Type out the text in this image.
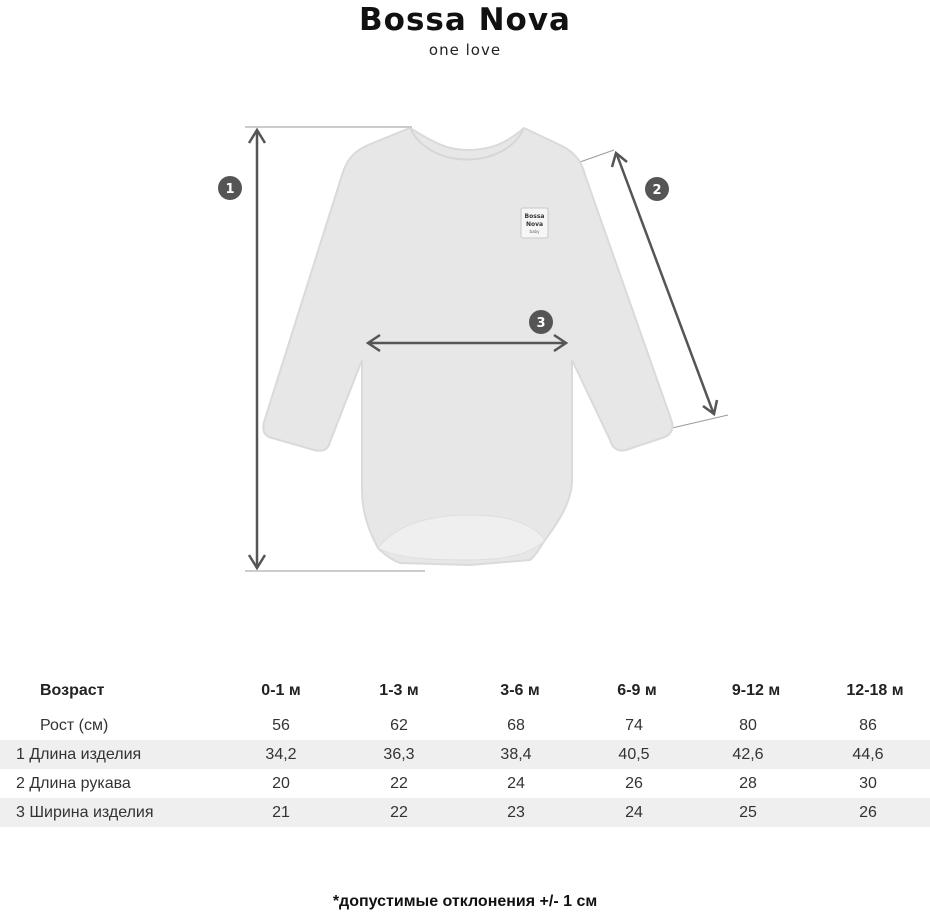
Bossa Nova
one love
Bossa
Nova
baby
1	2
3
Возраст	0-1 м	1-3 м	3-6 м	6-9 м	9-12 м	12-18 м
Рост (см)	56	62	68	74	80	86
1 Длина изделия	34,2	36,3	38,4	40,5	42,6	44,6
2 Длина рукава	20	22	24	26	28	30
3 Ширина изделия	21	22	23	24	25	26
*допустимые отклонения +/- 1 см
